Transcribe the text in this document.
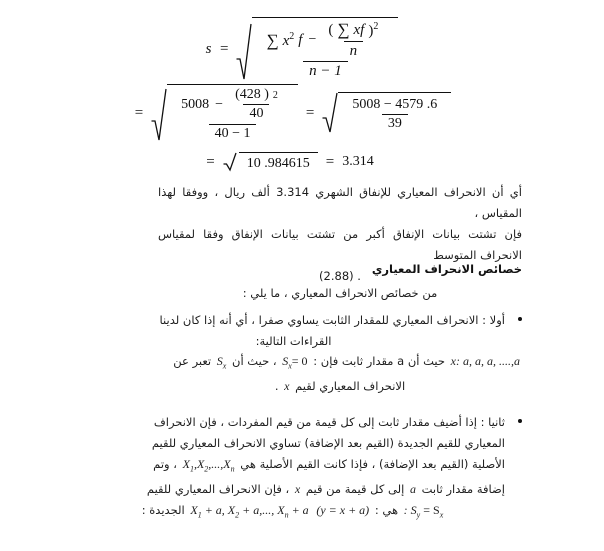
s = ∑ $x^2$ f −
( ∑ xf )$^2$
n
n − 1
=
$5008 - \frac{(428 ) 2}{40}$
40 − 1
= $\frac{5008 - 4579 .6}{39}$
= 10 .984615 = 3.314
أي أن الانحراف المعياري للإنفاق الشهري 3.314 ألف ريال ، ووفقا لهذا المقياس ،
فإن تشتت بيانات الإنفاق أكبر من تشتت بيانات الإنفاق وفقا لمقياس الانحراف المتوسط
. (2.88) خصائص الانحراف المعياري
من خصائص الانحراف المعياري ، ما يلي :
أولا : الانحراف المعياري للمقدار الثابت يساوي صفرا ، أي أنه إذا كان لدينا
القراءات التالية:
x: a, a, a, ....,a حيث أن a مقدار ثابت فإن : $S_x= 0$ ، حيث أن $S_x$ تعبر عن
الانحراف المعياري لقيم x .
ثانيا : إذا أضيف مقدار ثابت إلى كل قيمة من قيم المفردات ، فإن الانحراف
المعياري للقيم الجديدة (القيم بعد الإضافة) تساوي الانحراف المعياري للقيم
الأصلية (القيم بعد الإضافة) ، فإذا كانت القيم الأصلية هي $X_1,X_2,...,X_n$ ، وتم
إضافة مقدار ثابت a إلى كل قيمة من قيم x ، فإن الانحراف المعياري للقيم
: $S_y = S_x$ هي : (y = x + a) $X_1 + a$, $X_2 + a$,..., $X_n + a$ الجديدة :
